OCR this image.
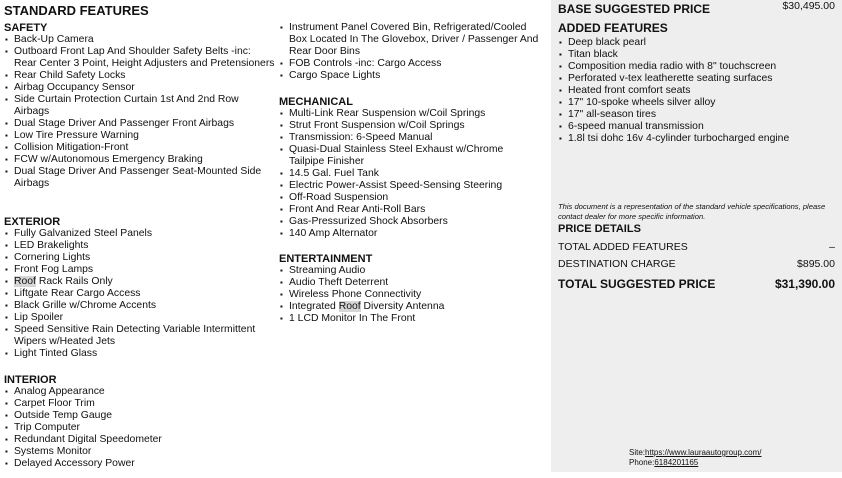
STANDARD FEATURES
SAFETY
▪ Back-Up Camera
▪ Outboard Front Lap And Shoulder Safety Belts -inc: Rear Center 3 Point, Height Adjusters and Pretensioners
▪ Rear Child Safety Locks
▪ Airbag Occupancy Sensor
▪ Side Curtain Protection Curtain 1st And 2nd Row Airbags
▪ Dual Stage Driver And Passenger Front Airbags
▪ Low Tire Pressure Warning
▪ Collision Mitigation-Front
▪ FCW w/Autonomous Emergency Braking
▪ Dual Stage Driver And Passenger Seat-Mounted Side Airbags
EXTERIOR
▪ Fully Galvanized Steel Panels
▪ LED Brakelights
▪ Cornering Lights
▪ Front Fog Lamps
▪ Roof Rack Rails Only
▪ Liftgate Rear Cargo Access
▪ Black Grille w/Chrome Accents
▪ Lip Spoiler
▪ Speed Sensitive Rain Detecting Variable Intermittent Wipers w/Heated Jets
▪ Light Tinted Glass
INTERIOR
▪ Analog Appearance
▪ Carpet Floor Trim
▪ Outside Temp Gauge
▪ Trip Computer
▪ Redundant Digital Speedometer
▪ Systems Monitor
▪ Delayed Accessory Power
▪ Instrument Panel Covered Bin, Refrigerated/Cooled Box Located In The Glovebox, Driver / Passenger And Rear Door Bins
▪ FOB Controls -inc: Cargo Access
▪ Cargo Space Lights
MECHANICAL
▪ Multi-Link Rear Suspension w/Coil Springs
▪ Strut Front Suspension w/Coil Springs
▪ Transmission: 6-Speed Manual
▪ Quasi-Dual Stainless Steel Exhaust w/Chrome Tailpipe Finisher
▪ 14.5 Gal. Fuel Tank
▪ Electric Power-Assist Speed-Sensing Steering
▪ Off-Road Suspension
▪ Front And Rear Anti-Roll Bars
▪ Gas-Pressurized Shock Absorbers
▪ 140 Amp Alternator
ENTERTAINMENT
▪ Streaming Audio
▪ Audio Theft Deterrent
▪ Wireless Phone Connectivity
▪ Integrated Roof Diversity Antenna
▪ 1 LCD Monitor In The Front
BASE SUGGESTED PRICE	$30,495.00
ADDED FEATURES
▪ Deep black pearl
▪ Titan black
▪ Composition media radio with 8" touchscreen
▪ Perforated v-tex leatherette seating surfaces
▪ Heated front comfort seats
▪ 17" 10-spoke wheels silver alloy
▪ 17" all-season tires
▪ 6-speed manual transmission
▪ 1.8l tsi dohc 16v 4-cylinder turbocharged engine
This document is a representation of the standard vehicle specifications, please contact dealer for more specific information.
PRICE DETAILS
TOTAL ADDED FEATURES	–
DESTINATION CHARGE	$895.00
TOTAL SUGGESTED PRICE	$31,390.00
Site:https://www.lauraautogroup.com/
Phone:6184201165
